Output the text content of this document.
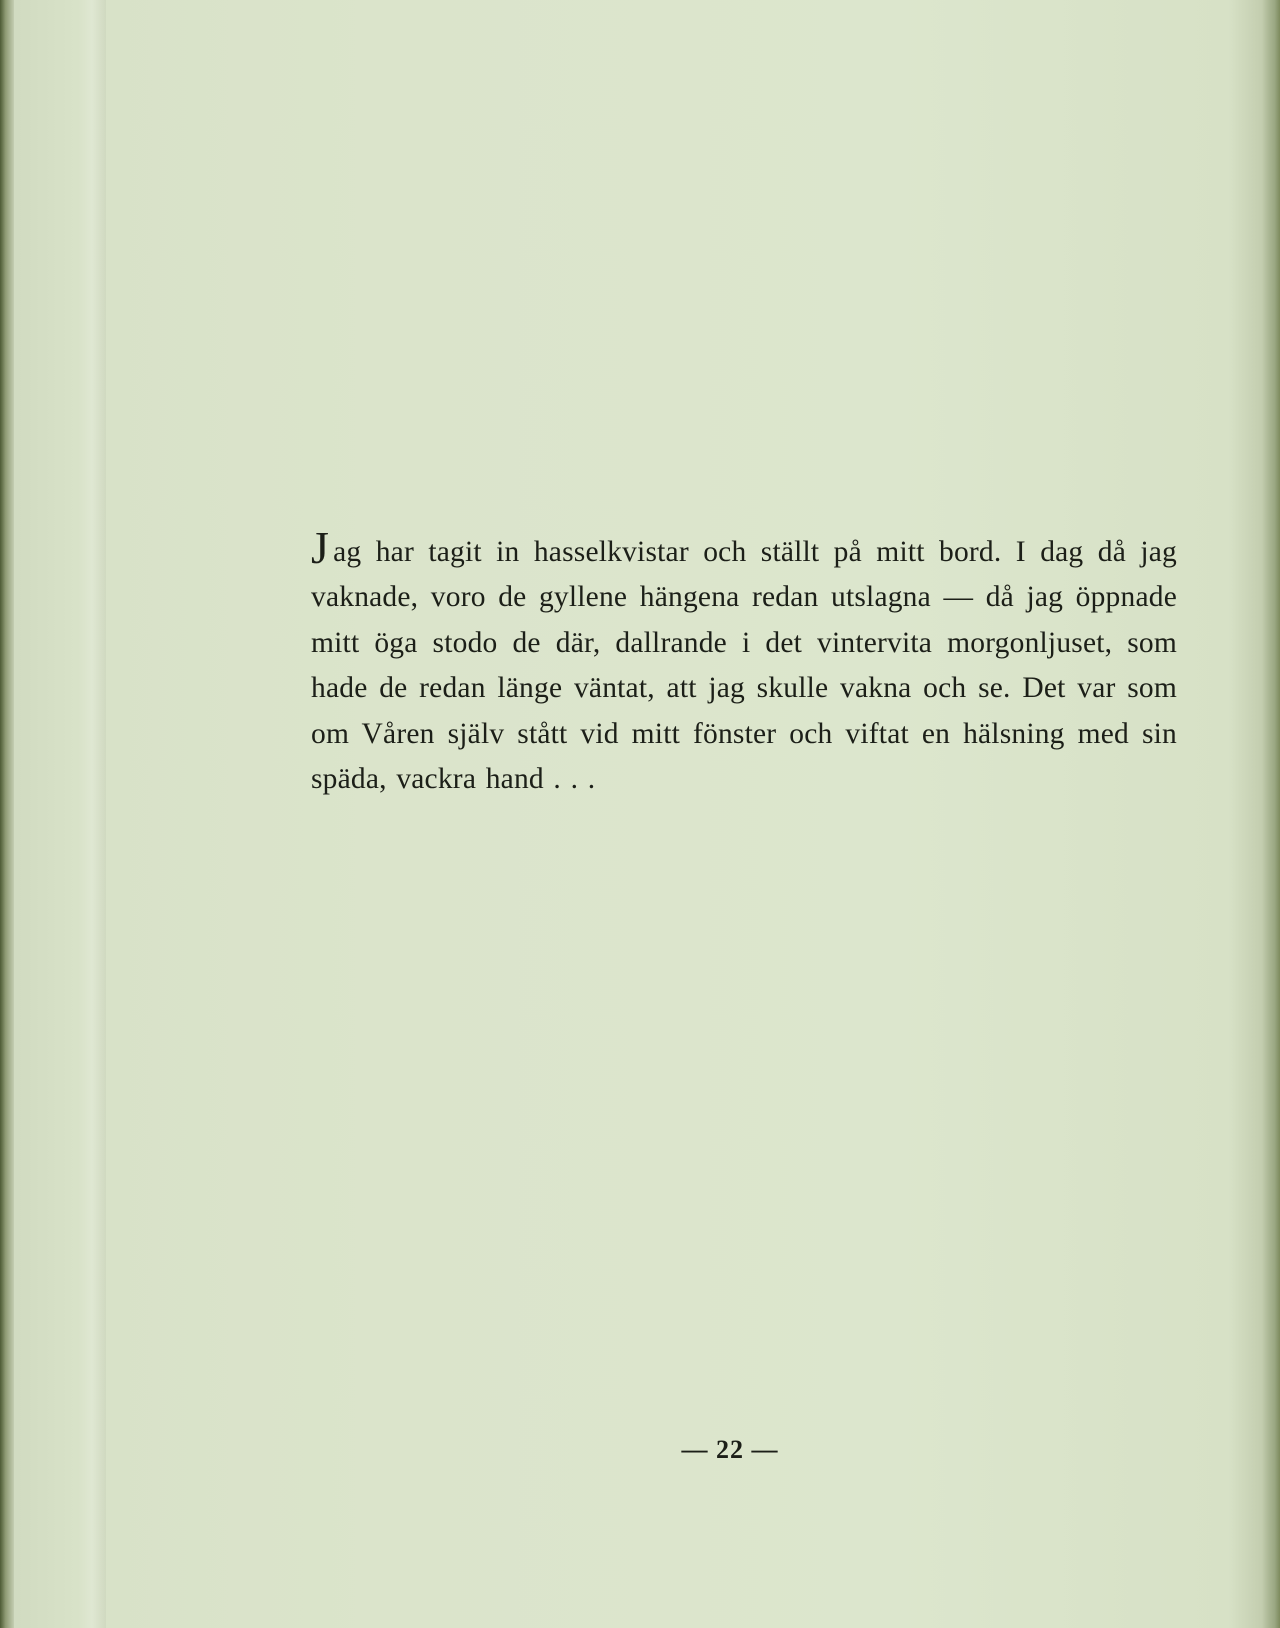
Jag har tagit in hasselkvistar och ställt på mitt bord. I dag då jag vaknade, voro de gyllene hängena redan utslagna — då jag öppnade mitt öga stodo de där, dallrande i det vintervita morgonljuset, som hade de redan länge väntat, att jag skulle vakna och se. Det var som om Våren själv stått vid mitt fönster och viftat en hälsning med sin späda, vackra hand . . .

— 22 —
